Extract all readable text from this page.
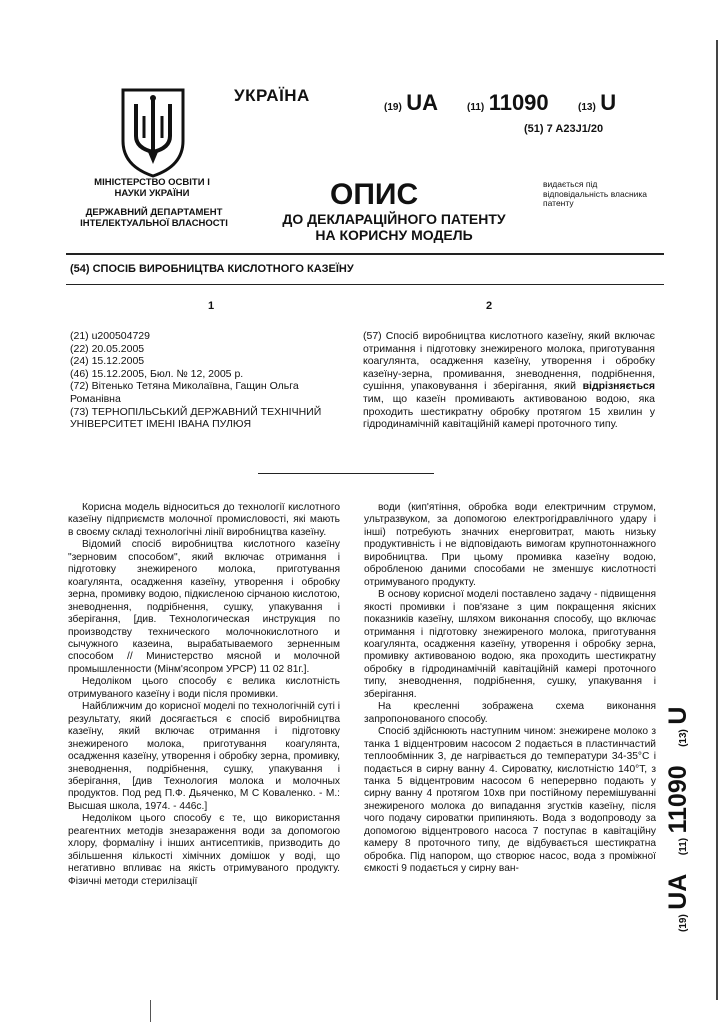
УКРАЇНА
(19) UA	(11) 11090	(13) U
(51) 7 A23J1/20
МІНІСТЕРСТВО ОСВІТИ І НАУКИ УКРАЇНИ
ДЕРЖАВНИЙ ДЕПАРТАМЕНТ ІНТЕЛЕКТУАЛЬНОЇ ВЛАСНОСТІ
ОПИС
ДО ДЕКЛАРАЦІЙНОГО ПАТЕНТУ
НА КОРИСНУ МОДЕЛЬ
видається під відповідальність власника патенту
(54) СПОСІБ ВИРОБНИЦТВА КИСЛОТНОГО КАЗЕЇНУ
1	2

(21) u200504729

(22) 20.05.2005

(24) 15.12.2005

(46) 15.12.2005, Бюл. № 12, 2005 р.

(72) Вітенько Тетяна Миколаївна, Гащин Ольга Романівна

(73) ТЕРНОПІЛЬСЬКИЙ ДЕРЖАВНИЙ ТЕХНІЧНИЙ УНІВЕРСИТЕТ ІМЕНІ ІВАНА ПУЛЮЯ

(57) Спосіб виробництва кислотного казеїну, який включає отримання і підготовку знежиреного молока, приготування коагулянта, осадження казеїну, утворення і обробку казеїну-зерна, промивання, зневоднення, подрібнення, сушіння, упаковування і зберігання, який відрізняється тим, що казеїн промивають активованою водою, яка проходить шестикратну обробку протягом 15 хвилин у гідродинамічній кавітаційній камері проточного типу.

Корисна модель відноситься до технології кислотного казеїну підприємств молочної промисловості, які мають в своєму складі технологічні лінії виробництва казеїну.

Відомий спосіб виробництва кислотного казеїну "зерновим способом", який включає отримання і підготовку знежиреного молока, приготування коагулянта, осадження казеїну, утворення і обробку зерна, промивку водою, підкисленою сірчаною кислотою, зневоднення, подрібнення, сушку, упакування і зберігання, [див. Технологическая инструкция по производству технического молочнокислотного и сычужного казеина, вырабатываемого зерненным способом // Министерство мясной и молочной промышленности (Мінм'ясопром УРСР) 11 02 81г.].

Недоліком цього способу є велика кислотність отримуваного казеїну і води після промивки.

Найближчим до корисної моделі по технологічній суті і результату, який досягається є спосіб виробництва казеїну, який включає отримання і підготовку знежиреного молока, приготування коагулянта, осадження казеїну, утворення і обробку зерна, промивку, зневоднення, подрібнення, сушку, упакування і зберігання, [див Технология молока и молочных продуктов. Под ред П.Ф. Дьяченко, М С Коваленко. - М.: Высшая школа, 1974. - 446с.]

Недоліком цього способу є те, що використання реагентних методів знезараження води за допомогою хлору, формаліну і інших антисептиків, призводить до збільшення кількості хімічних домішок у воді, що негативно впливає на якість отримуваного продукту. Фізичні методи стерилізації

води (кип'ятіння, обробка води електричним струмом, ультразвуком, за допомогою електрогідравлічного удару і інші) потребують значних енерговитрат, мають низьку продуктивність і не відповідають вимогам крупнотоннажного виробництва. При цьому промивка казеїну водою, обробленою даними способами не зменшує кислотності отримуваного продукту.

В основу корисної моделі поставлено задачу - підвищення якості промивки і пов'язане з цим покращення якісних показників казеїну, шляхом виконання способу, що включає отримання і підготовку знежиреного молока, приготування коагулянта, осадження казеїну, утворення і обробку зерна, промивку активованою водою, яка проходить шестикратну обробку в гідродинамічній кавітаційній камері проточного типу, зневоднення, подрібнення, сушку, упакування і зберігання.

На кресленні зображена схема виконання запропонованого способу.

Спосіб здійснюють наступним чином: знежирене молоко з танка 1 відцентровим насосом 2 подається в пластинчастий теплообмінник 3, де нагрівається до температури 34-35°С і подається в сирну ванну 4. Сироватку, кислотністю 140°Т, з танка 5 відцентровим насосом 6 неперервно подають у сирну ванну 4 протягом 10хв при постійному перемішуванні знежиреного молока до випадання згустків казеїну, після чого подачу сироватки припиняють. Вода з водопроводу за допомогою відцентрового насоса 7 поступає в кавітаційну камеру 8 проточного типу, де відбувається шестикратна обробка. Під напором, що створює насос, вода з проміжної ємкості 9 подається у сирну ван-

(19) UA (11) 11090 (13) U
